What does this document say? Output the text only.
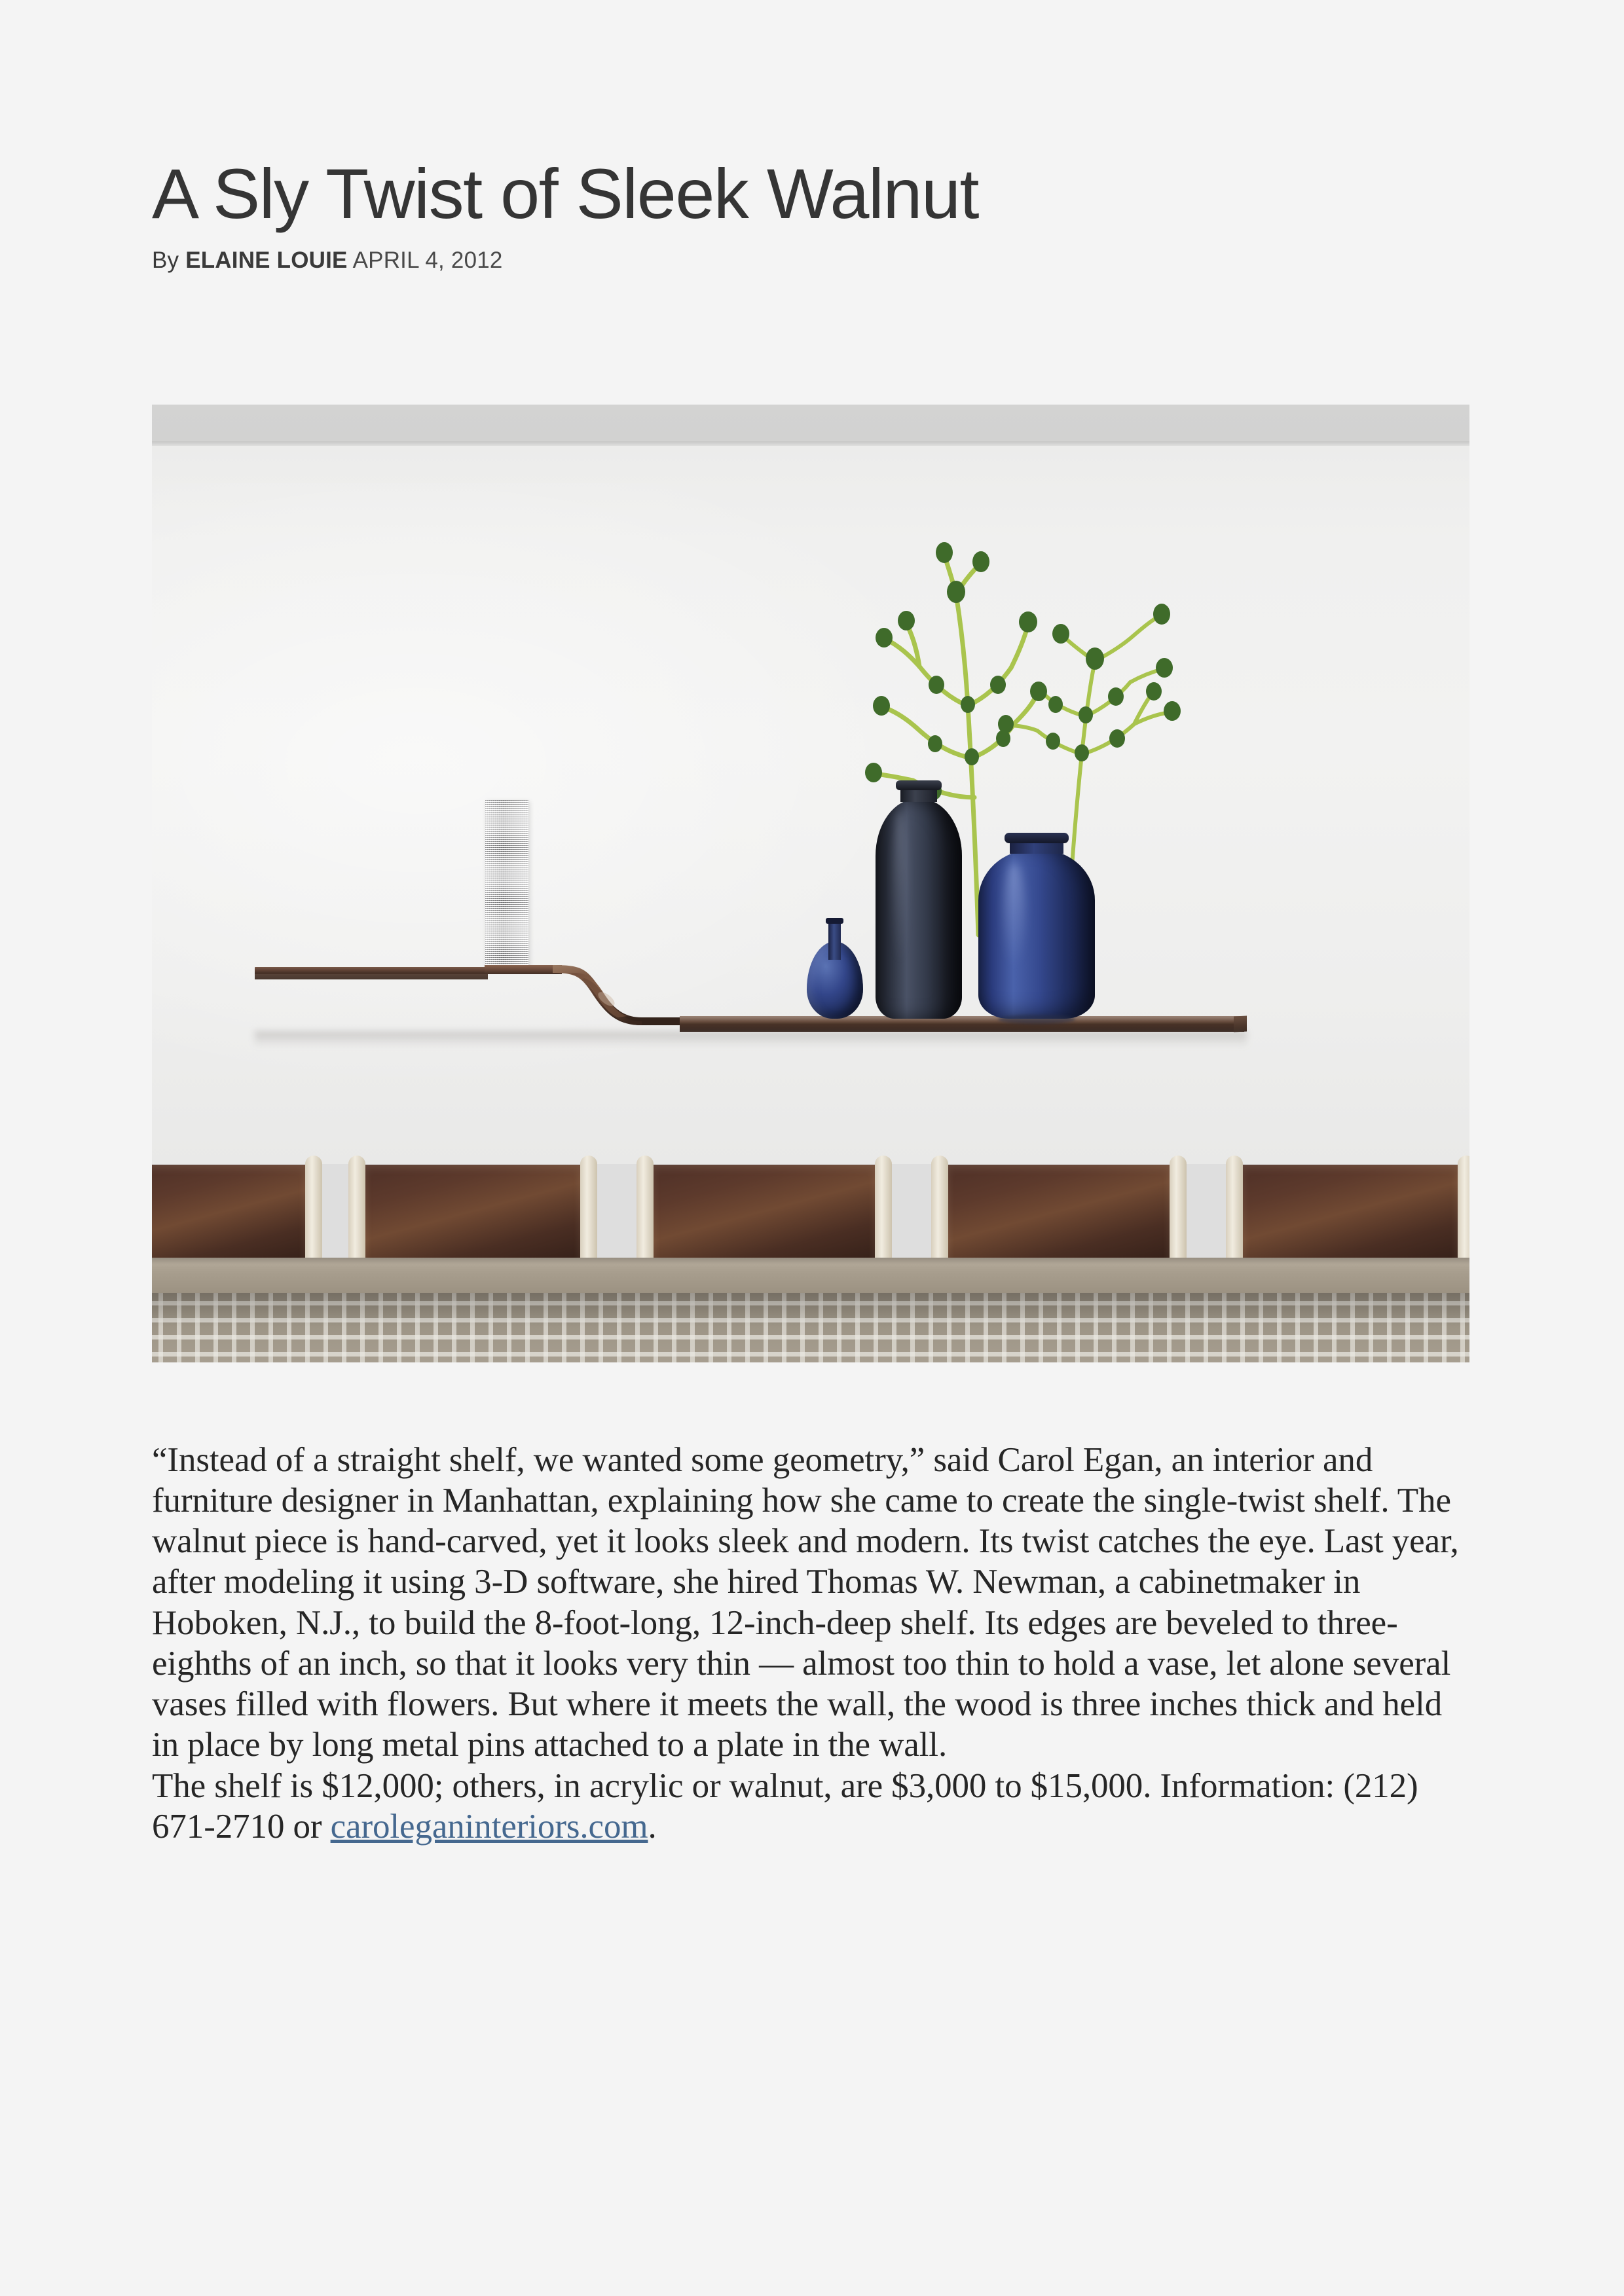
A Sly Twist of Sleek Walnut

By ELAINE LOUIE APRIL 4, 2012

“Instead of a straight shelf, we wanted some geometry,” said Carol Egan, an interior and furniture designer in Manhattan, explaining how she came to create the single-twist shelf. The walnut piece is hand-carved, yet it looks sleek and modern. Its twist catches the eye. Last year, after modeling it using 3-D software, she hired Thomas W. Newman, a cabinetmaker in Hoboken, N.J., to build the 8-foot-long, 12-inch-deep shelf. Its edges are beveled to three-eighths of an inch, so that it looks very thin — almost too thin to hold a vase, let alone several vases filled with flowers. But where it meets the wall, the wood is three inches thick and held in place by long metal pins attached to a plate in the wall.

The shelf is $12,000; others, in acrylic or walnut, are $3,000 to $15,000. Information: (212) 671-2710 or caroleganinteriors.com.
